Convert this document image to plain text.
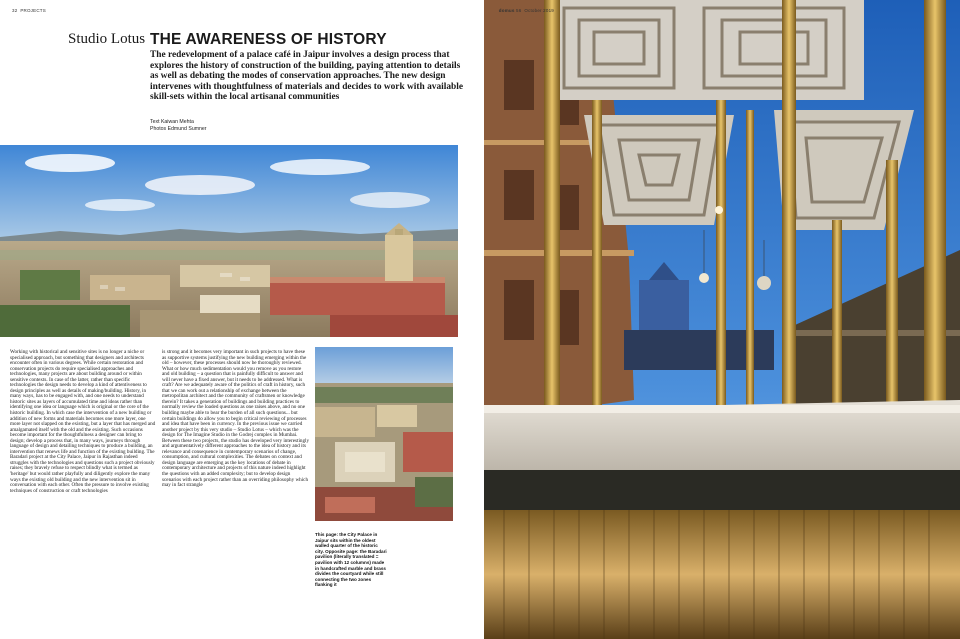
32 PROJECTS
Studio Lotus THE AWARENESS OF HISTORY
The redevelopment of a palace café in Jaipur involves a design process that explores the history of construction of the building, paying attention to details as well as debating the modes of conservation approaches. The new design intervenes with thoughtfulness of materials and decides to work with available skill-sets within the local artisanal communities
Text Kaiwan Mehta
Photos Edmund Sumner
Working with historical and sensitive sites is no longer a niche or specialised approach, but something that designers and architects encounter often in various degrees. While certain restoration and conservation projects do require specialised approaches and technologies, many projects are about building around or within sensitive contexts. In case of the latter, rather than specific technologies the design needs to develop a kind of attentiveness to design principles as well as details of making/building. History, in many ways, has to be engaged with, and one needs to understand historic sites as layers of accumulated time and ideas rather than identifying one idea or language which is original or the core of the historic building. In which case the intervention of a new building or addition of new forms and materials becomes one more layer, one more layer not slapped on the existing, but a layer that has merged and amalgamated itself with the old and the existing. Such occasions become important for the thoughtfulness a designer can bring to design; develop a process that, in many ways, journeys through language of design and detailing techniques to produce a building, an intervention that renews life and function of the existing building. The Baradari project at the City Palace, Jaipur in Rajasthan indeed struggles with the technologies and questions such a project obviously raises; they bravely refuse to respect blindly what is termed as 'heritage' but would rather playfully and diligently explore the many ways the existing old building and the new intervention sit in conversation with each other. Often the pressure to involve existing techniques of construction or craft technologies
is strong and it becomes very important in such projects to have these as supportive systems justifying the new building emerging within the old – however, these processes should now be thoroughly reviewed. What or how much sedimentation would you remove as you restore and old building – a question that is painfully difficult to answer and will never have a fixed answer, but it needs to be addressed. What is craft? Are we adequately aware of the politics of craft in history, such that we can work out a relationship of exchange between the metropolitan architect and the community of craftsmen or knowledge therein? It takes a generation of buildings and building practices to normally review the loaded questions as one raises above, and no one building maybe able to bear the burden of all such questions... but certain buildings do allow you to begin critical reviewing of processes and idea that have been in currency. In the previous issue we carried another project by this very studio – Studio Lotus – which was the design for The Imagine Studio in the Godrej complex in Mumbai. Between these two projects, the studio has developed very interestingly and argumentatively different approaches to the idea of history and its relevance and consequence in contemporary scenarios of change, consumption, and cultural complexities. The debates on context and design language are emerging as the key locations of debate in contemporary architecture and projects of this nature indeed highlight the questions with an added complexity; but to develop design scenarios with each project rather than an overriding philosophy which may in fact strangle
This page: the City Palace in Jaipur sits within the oldest walled quarter of the historic city. Opposite page: the Baradari pavilion (literally translated = pavilion with 12 columns) made in handcrafted marble and brass divides the courtyard while still connecting the two zones flanking it
domus 56 October 2019
